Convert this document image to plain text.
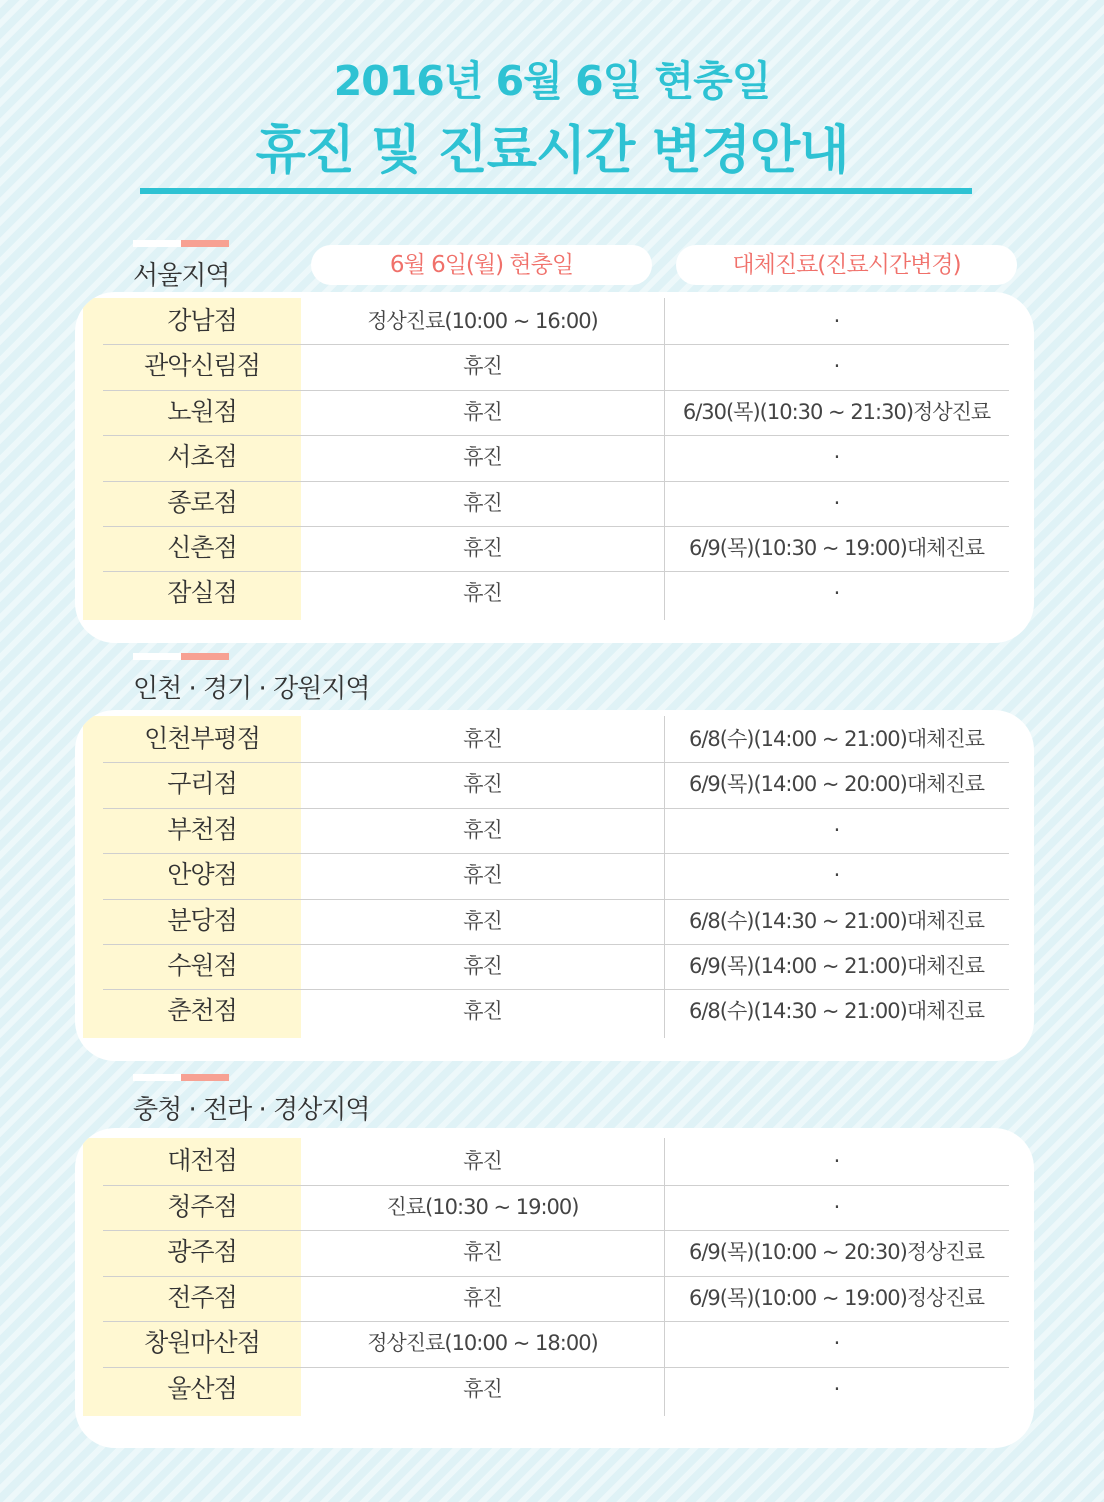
2016년 6월 6일 현충일
휴진 및 진료시간 변경안내
6월 6일(월) 현충일	대체진료(진료시간변경)
서울지역
강남점	정상진료(10:00 ~ 16:00)	·
관악신림점	휴진	·
노원점	휴진	6/30(목)(10:30 ~ 21:30)정상진료
서초점	휴진	·
종로점	휴진	·
신촌점	휴진	6/9(목)(10:30 ~ 19:00)대체진료
잠실점	휴진	·
인천 · 경기 · 강원지역
인천부평점	휴진	6/8(수)(14:00 ~ 21:00)대체진료
구리점	휴진	6/9(목)(14:00 ~ 20:00)대체진료
부천점	휴진	·
안양점	휴진	·
분당점	휴진	6/8(수)(14:30 ~ 21:00)대체진료
수원점	휴진	6/9(목)(14:00 ~ 21:00)대체진료
춘천점	휴진	6/8(수)(14:30 ~ 21:00)대체진료
충청 · 전라 · 경상지역
대전점	휴진	·
청주점	진료(10:30 ~ 19:00)	·
광주점	휴진	6/9(목)(10:00 ~ 20:30)정상진료
전주점	휴진	6/9(목)(10:00 ~ 19:00)정상진료
창원마산점	정상진료(10:00 ~ 18:00)	·
울산점	휴진	·
